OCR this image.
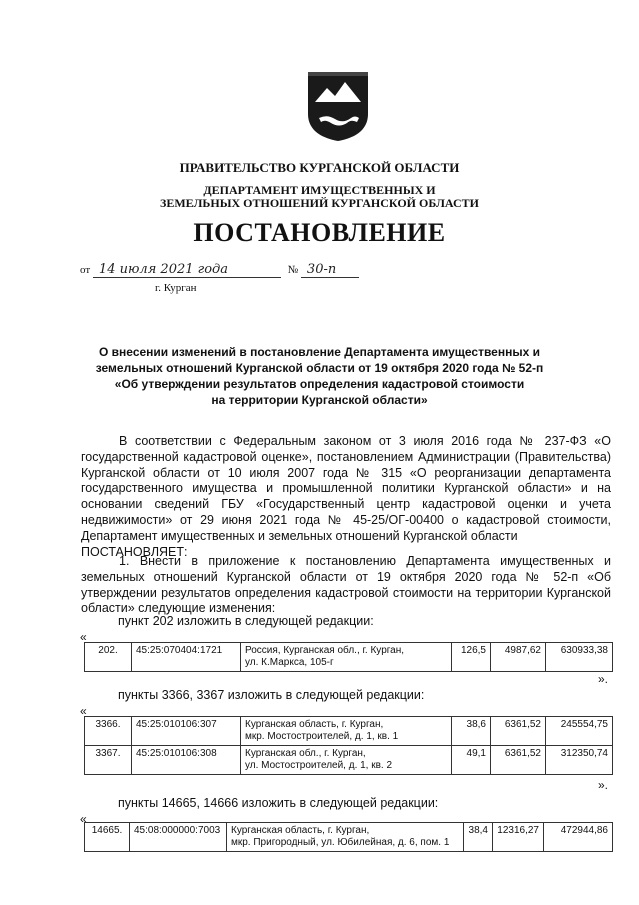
ПРАВИТЕЛЬСТВО КУРГАНСКОЙ ОБЛАСТИ
ДЕПАРТАМЕНТ ИМУЩЕСТВЕННЫХ И
ЗЕМЕЛЬНЫХ ОТНОШЕНИЙ КУРГАНСКОЙ ОБЛАСТИ
ПОСТАНОВЛЕНИЕ
от 14 июля 2021 года	№ 30-п
г. Курган
О внесении изменений в постановление Департамента имущественных и
земельных отношений Курганской области от 19 октября 2020 года № 52-п
«Об утверждении результатов определения кадастровой стоимости
на территории Курганской области»

В соответствии с Федеральным законом от 3 июля 2016 года № 237-ФЗ «О государственной кадастровой оценке», постановлением Администрации (Правительства) Курганской области от 10 июля 2007 года № 315 «О реорганизации департамента государственного имущества и промышленной политики Курганской области» и на основании сведений ГБУ «Государственный центр кадастровой оценки и учета недвижимости» от 29 июня 2021 года № 45-25/ОГ-00400 о кадастровой стоимости, Департамент имущественных и земельных отношений Курганской области

ПОСТАНОВЛЯЕТ:

1. Внести в приложение к постановлению Департамента имущественных и земельных отношений Курганской области от 19 октября 2020 года № 52-п «Об утверждении результатов определения кадастровой стоимости на территории Курганской области» следующие изменения:

пункт 202 изложить в следующей редакции:
«
202.	45:25:070404:1721	Россия, Курганская обл., г. Курган,
ул. К.Маркса, 105-г
	126,5	4987,62	630933,38
».
пункты 3366, 3367 изложить в следующей редакции:
«
3366.	45:25:010106:307	Курганская область, г. Курган,
мкр. Мостостроителей, д. 1, кв. 1	38,6	6361,52	245554,75
3367.	45:25:010106:308	Курганская обл., г. Курган,
ул. Мостостроителей, д. 1, кв. 2	49,1	6361,52	312350,74
».
пункты 14665, 14666 изложить в следующей редакции:
«
14665.	45:08:000000:7003	Курганская область, г. Курган,
мкр. Пригородный, ул. Юбилейная, д. 6, пом. 1
	38,4	12316,27	472944,86
